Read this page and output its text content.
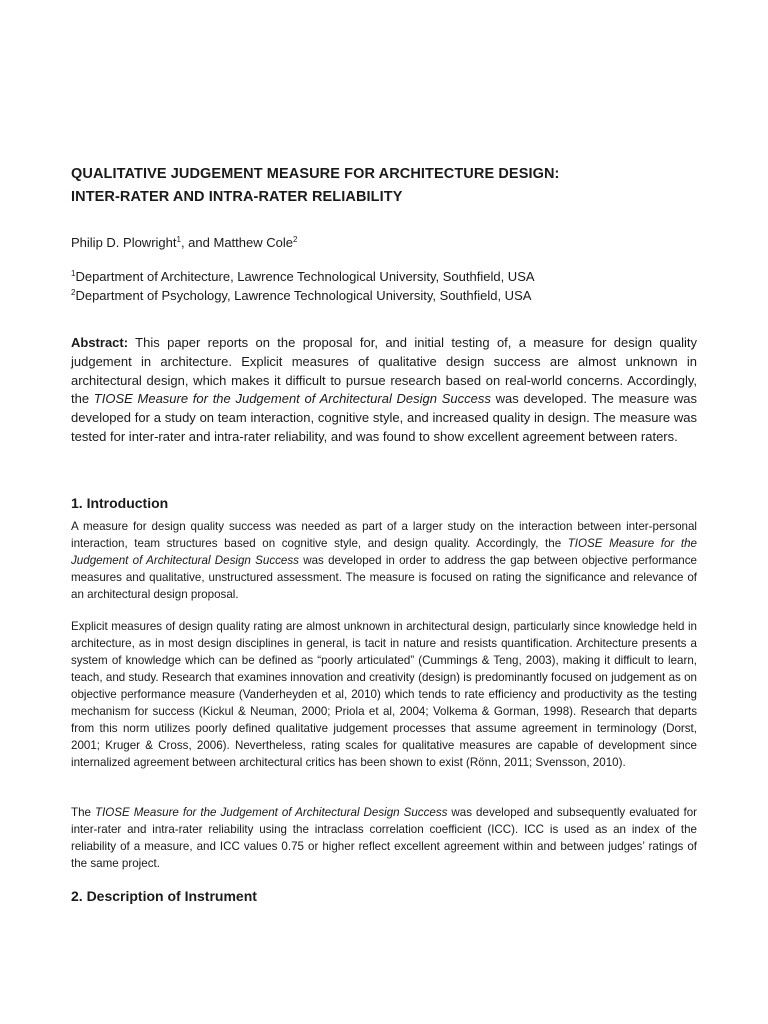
QUALITATIVE JUDGEMENT MEASURE FOR ARCHITECTURE DESIGN:
INTER-RATER AND INTRA-RATER RELIABILITY
Philip D. Plowright$^1$, and Matthew Cole$^2$
$^1$Department of Architecture, Lawrence Technological University, Southfield, USA
$^2$Department of Psychology, Lawrence Technological University, Southfield, USA
Abstract: This paper reports on the proposal for, and initial testing of, a measure for design quality judgement in architecture. Explicit measures of qualitative design success are almost unknown in architectural design, which makes it difficult to pursue research based on real-world concerns. Accordingly, the TIOSE Measure for the Judgement of Architectural Design Success was developed. The measure was developed for a study on team interaction, cognitive style, and increased quality in design. The measure was tested for inter-rater and intra-rater reliability, and was found to show excellent agreement between raters.
1. Introduction
A measure for design quality success was needed as part of a larger study on the interaction between inter-personal interaction, team structures based on cognitive style, and design quality. Accordingly, the TIOSE Measure for the Judgement of Architectural Design Success was developed in order to address the gap between objective performance measures and qualitative, unstructured assessment. The measure is focused on rating the significance and relevance of an architectural design proposal.
Explicit measures of design quality rating are almost unknown in architectural design, particularly since knowledge held in architecture, as in most design disciplines in general, is tacit in nature and resists quantification. Architecture presents a system of knowledge which can be defined as “poorly articulated” (Cummings & Teng, 2003), making it difficult to learn, teach, and study. Research that examines innovation and creativity (design) is predominantly focused on judgement as on objective performance measure (Vanderheyden et al, 2010) which tends to rate efficiency and productivity as the testing mechanism for success (Kickul & Neuman, 2000; Priola et al, 2004; Volkema & Gorman, 1998). Research that departs from this norm utilizes poorly defined qualitative judgement processes that assume agreement in terminology (Dorst, 2001; Kruger & Cross, 2006). Nevertheless, rating scales for qualitative measures are capable of development since internalized agreement between architectural critics has been shown to exist (Rönn, 2011; Svensson, 2010).
The TIOSE Measure for the Judgement of Architectural Design Success was developed and subsequently evaluated for inter-rater and intra-rater reliability using the intraclass correlation coefficient (ICC). ICC is used as an index of the reliability of a measure, and ICC values 0.75 or higher reflect excellent agreement within and between judges’ ratings of the same project.
2. Description of Instrument
